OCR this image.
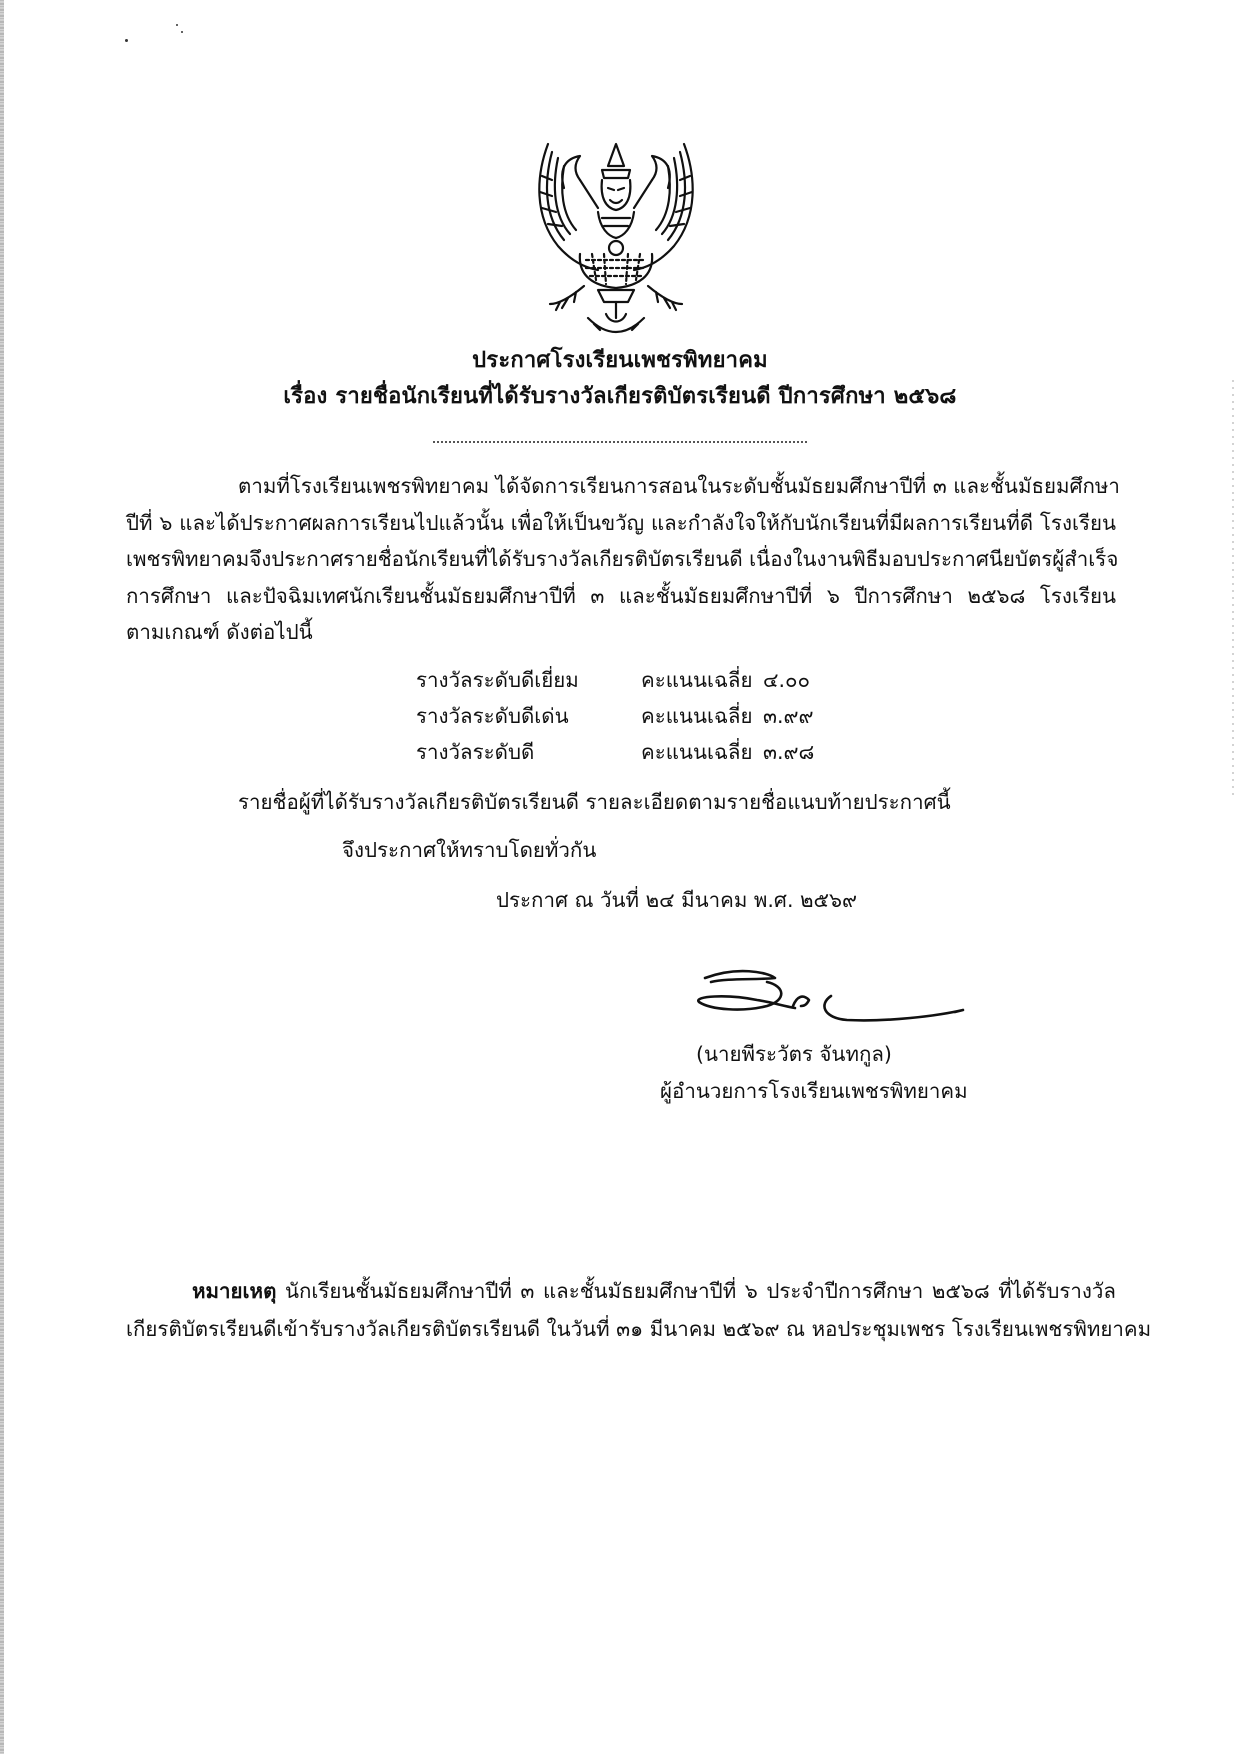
ประกาศโรงเรียนเพชรพิทยาคม
เรื่อง รายชื่อนักเรียนที่ได้รับรางวัลเกียรติบัตรเรียนดี ปีการศึกษา ๒๕๖๘
ตามที่โรงเรียนเพชรพิทยาคม ได้จัดการเรียนการสอนในระดับชั้นมัธยมศึกษาปีที่ ๓ และชั้นมัธยมศึกษา
ปีที่ ๖ และได้ประกาศผลการเรียนไปแล้วนั้น เพื่อให้เป็นขวัญ และกำลังใจให้กับนักเรียนที่มีผลการเรียนที่ดี โรงเรียน
เพชรพิทยาคมจึงประกาศรายชื่อนักเรียนที่ได้รับรางวัลเกียรติบัตรเรียนดี เนื่องในงานพิธีมอบประกาศนียบัตรผู้สำเร็จ
การศึกษา และปัจฉิมเทศนักเรียนชั้นมัธยมศึกษาปีที่ ๓ และชั้นมัธยมศึกษาปีที่ ๖ ปีการศึกษา ๒๕๖๘ โรงเรียน
ตามเกณฑ์ ดังต่อไปนี้
รางวัลระดับดีเยี่ยม	คะแนนเฉลี่ย ๔.๐๐
รางวัลระดับดีเด่น	คะแนนเฉลี่ย ๓.๙๙
รางวัลระดับดี	คะแนนเฉลี่ย ๓.๙๘
รายชื่อผู้ที่ได้รับรางวัลเกียรติบัตรเรียนดี รายละเอียดตามรายชื่อแนบท้ายประกาศนี้
จึงประกาศให้ทราบโดยทั่วกัน
ประกาศ ณ วันที่ ๒๔ มีนาคม พ.ศ. ๒๕๖๙
(นายพีระวัตร จันทกูล)
ผู้อำนวยการโรงเรียนเพชรพิทยาคม
หมายเหตุ นักเรียนชั้นมัธยมศึกษาปีที่ ๓ และชั้นมัธยมศึกษาปีที่ ๖ ประจำปีการศึกษา ๒๕๖๘ ที่ได้รับรางวัล
เกียรติบัตรเรียนดีเข้ารับรางวัลเกียรติบัตรเรียนดี ในวันที่ ๓๑ มีนาคม ๒๕๖๙ ณ หอประชุมเพชร โรงเรียนเพชรพิทยาคม
